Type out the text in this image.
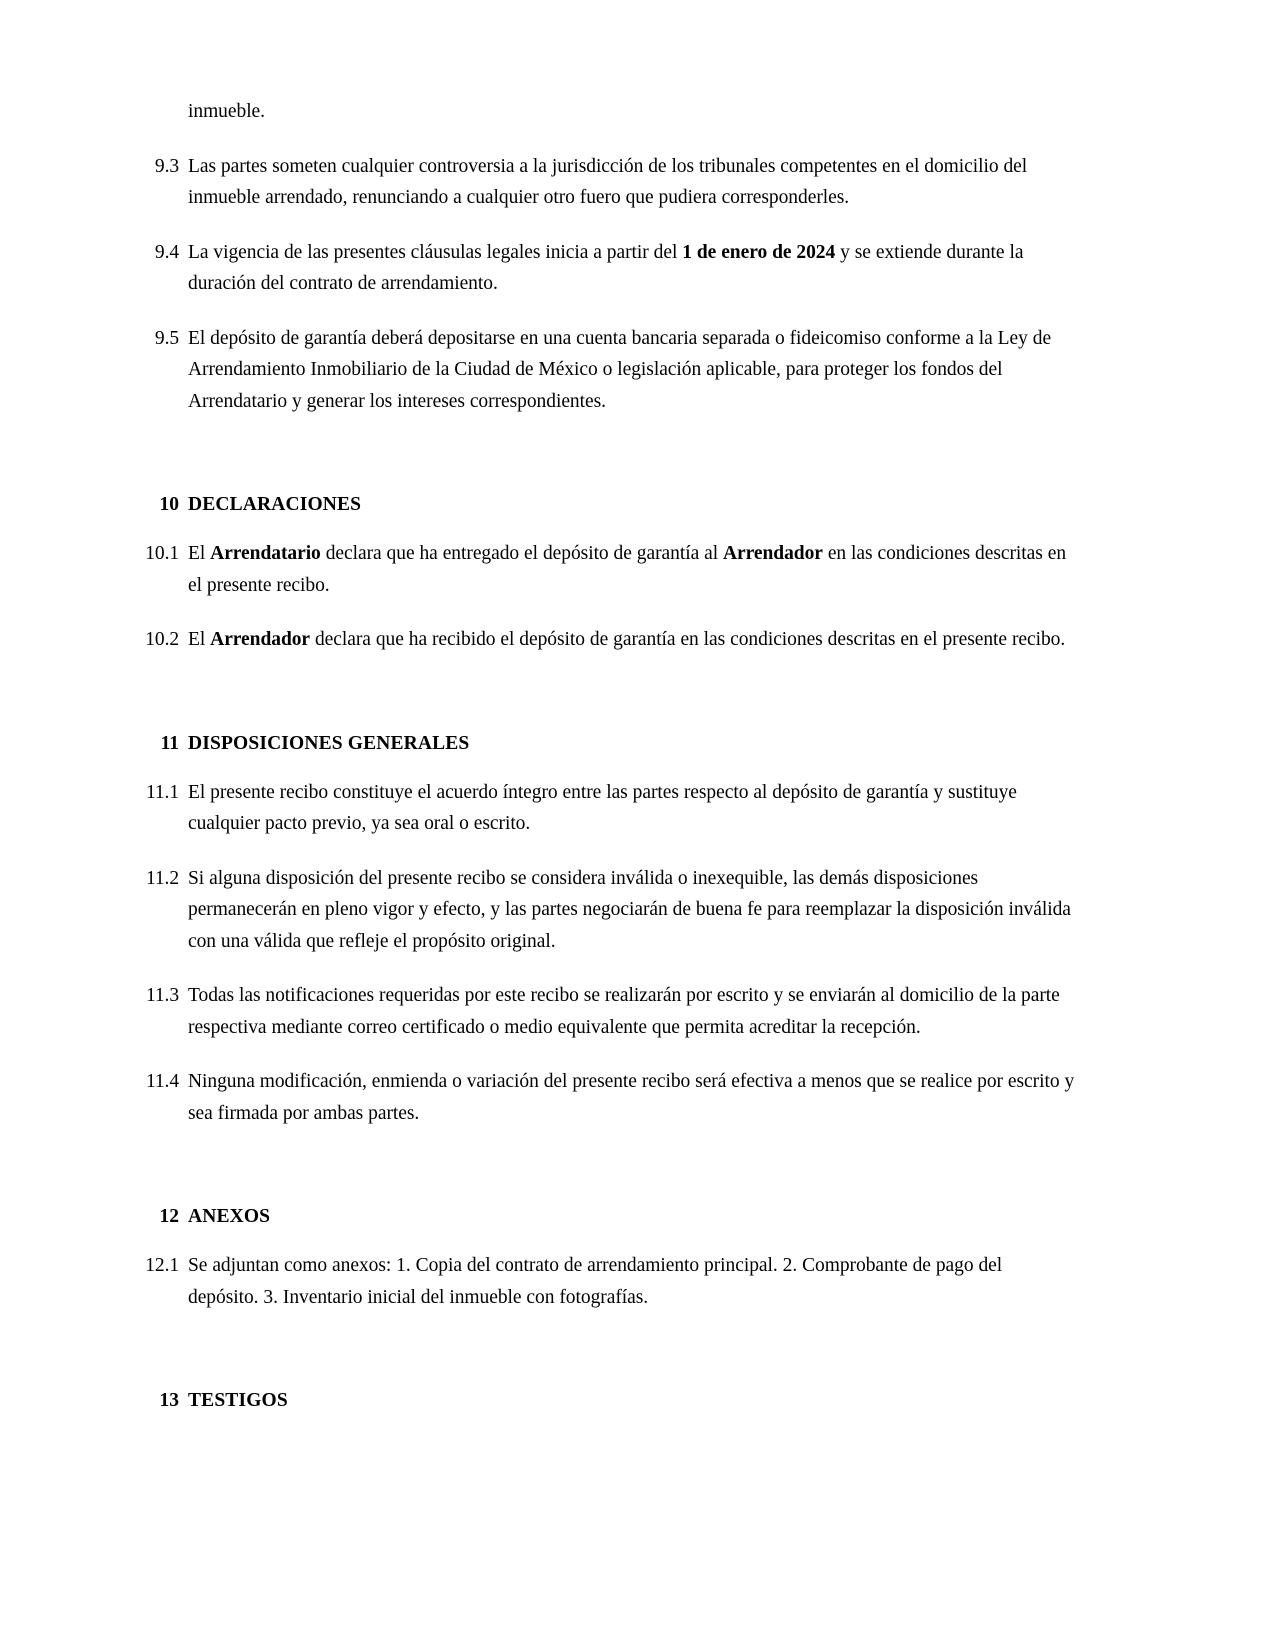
inmueble.
9.3 Las partes someten cualquier controversia a la jurisdicción de los tribunales competentes en el domicilio del inmueble arrendado, renunciando a cualquier otro fuero que pudiera corresponderles.
9.4 La vigencia de las presentes cláusulas legales inicia a partir del 1 de enero de 2024 y se extiende durante la duración del contrato de arrendamiento.
9.5 El depósito de garantía deberá depositarse en una cuenta bancaria separada o fideicomiso conforme a la Ley de Arrendamiento Inmobiliario de la Ciudad de México o legislación aplicable, para proteger los fondos del Arrendatario y generar los intereses correspondientes.
10 DECLARACIONES
10.1 El Arrendatario declara que ha entregado el depósito de garantía al Arrendador en las condiciones descritas en el presente recibo.
10.2 El Arrendador declara que ha recibido el depósito de garantía en las condiciones descritas en el presente recibo.
11 DISPOSICIONES GENERALES
11.1 El presente recibo constituye el acuerdo íntegro entre las partes respecto al depósito de garantía y sustituye cualquier pacto previo, ya sea oral o escrito.
11.2 Si alguna disposición del presente recibo se considera inválida o inexequible, las demás disposiciones permanecerán en pleno vigor y efecto, y las partes negociarán de buena fe para reemplazar la disposición inválida con una válida que refleje el propósito original.
11.3 Todas las notificaciones requeridas por este recibo se realizarán por escrito y se enviarán al domicilio de la parte respectiva mediante correo certificado o medio equivalente que permita acreditar la recepción.
11.4 Ninguna modificación, enmienda o variación del presente recibo será efectiva a menos que se realice por escrito y sea firmada por ambas partes.
12 ANEXOS
12.1 Se adjuntan como anexos: 1. Copia del contrato de arrendamiento principal. 2. Comprobante de pago del depósito. 3. Inventario inicial del inmueble con fotografías.
13 TESTIGOS
